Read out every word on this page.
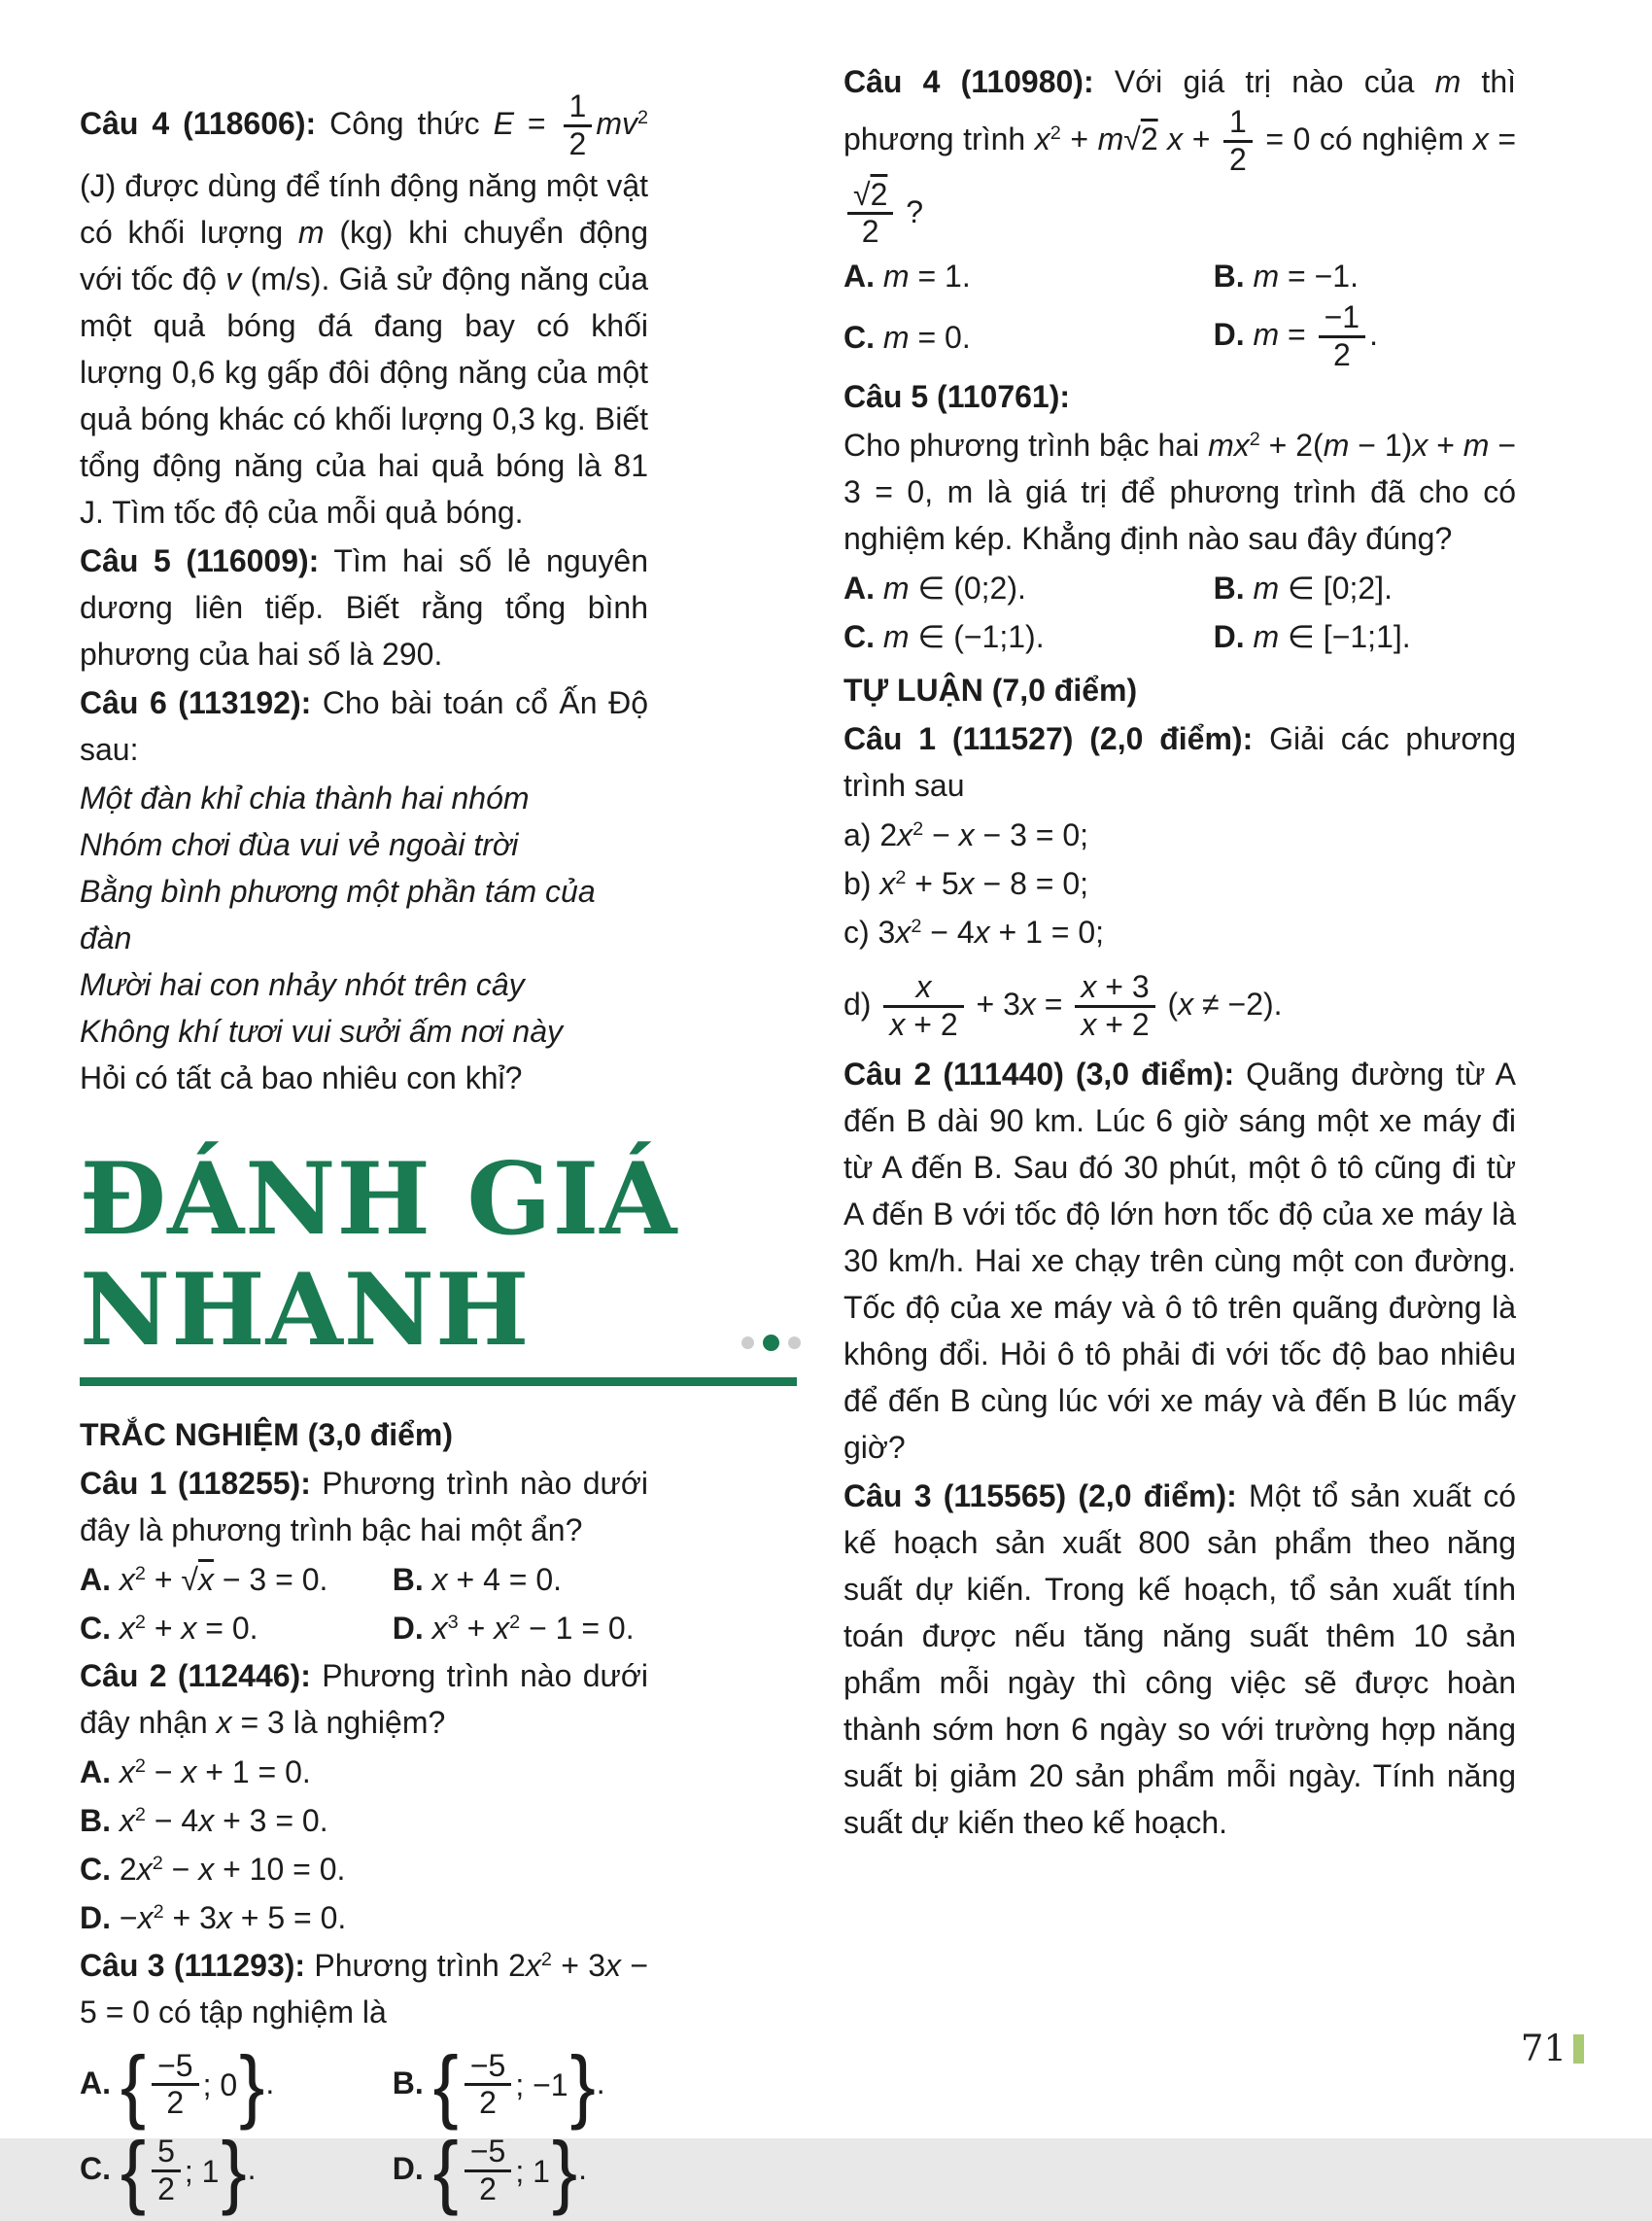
Câu 4 (118606): Công thức $E = \frac{1}{2} mv^2$ (J) được dùng để tính động năng một vật có khối lượng m (kg) khi chuyển động với tốc độ v (m/s). Giả sử động năng của một quả bóng đá đang bay có khối lượng 0,6 kg gấp đôi động năng của một quả bóng khác có khối lượng 0,3 kg. Biết tổng động năng của hai quả bóng là 81 J. Tìm tốc độ của mỗi quả bóng.
Câu 5 (116009): Tìm hai số lẻ nguyên dương liên tiếp. Biết rằng tổng bình phương của hai số là 290.
Câu 6 (113192): Cho bài toán cổ Ấn Độ sau:
Một đàn khỉ chia thành hai nhóm
Nhóm chơi đùa vui vẻ ngoài trời
Bằng bình phương một phần tám của đàn
Mười hai con nhảy nhót trên cây
Không khí tươi vui sưởi ấm nơi này
Hỏi có tất cả bao nhiêu con khỉ?
ĐÁNH GIÁ
NHANH
TRẮC NGHIỆM (3,0 điểm)
Câu 1 (118255): Phương trình nào dưới đây là phương trình bậc hai một ẩn?
A. $x^2 + √x - 3 = 0$.	B. x + 4 = 0.
C. $x^2 + x = 0$.	D. $x^3 + x^2 - 1 = 0$.
Câu 2 (112446): Phương trình nào dưới đây nhận x = 3 là nghiệm?
A. $x^2 - x + 1 = 0$.
B. $x^2 - 4x + 3 = 0$.
C. $2x^2 - x + 10 = 0$.
D. $-x^2 + 3x + 5 = 0$.
Câu 3 (111293): Phương trình $2x^2 + 3x - 5 = 0$ có tập nghiệm là
A. { $\frac{-5}{2}$ ; 0 } .	B. { $\frac{-5}{2}$ ; −1 } .
C. { $\frac{5}{2}$ ; 1 } .	D. { $\frac{-5}{2}$ ; 1 } .
Câu 4 (110980): Với giá trị nào của m thì phương trình $x^2 + m√2$ $x + \frac{1}{2} = 0$ có nghiệm x =
$\frac{√2}{2}$ ?
A. m = 1.	B. m = −1.
C. m = 0.	D. $m = \frac{-1}{2}$ .
Câu 5 (110761):
Cho phương trình bậc hai $mx^2 + 2(m - 1)x + m - 3 = 0$, m là giá trị để phương trình đã cho có nghiệm kép. Khẳng định nào sau đây đúng?
A. m ∈ (0;2).	B. m ∈ [0;2].
C. m ∈ (−1;1).	D. m ∈ [−1;1].
TỰ LUẬN (7,0 điểm)
Câu 1 (111527) (2,0 điểm): Giải các phương trình sau
a) $2x^2 - x - 3 = 0$;
b) $x^2 + 5x - 8 = 0$;
c) $3x^2 - 4x + 1 = 0$;
$d) \frac{x}{x + 2} + 3x = \frac{x + 3}{x + 2} (x \ne -2)$.
Câu 2 (111440) (3,0 điểm): Quãng đường từ A đến B dài 90 km. Lúc 6 giờ sáng một xe máy đi từ A đến B. Sau đó 30 phút, một ô tô cũng đi từ A đến B với tốc độ lớn hơn tốc độ của xe máy là 30 km/h. Hai xe chạy trên cùng một con đường. Tốc độ của xe máy và ô tô trên quãng đường là không đổi. Hỏi ô tô phải đi với tốc độ bao nhiêu để đến B cùng lúc với xe máy và đến B lúc mấy giờ?
Câu 3 (115565) (2,0 điểm): Một tổ sản xuất có kế hoạch sản xuất 800 sản phẩm theo năng suất dự kiến. Trong kế hoạch, tổ sản xuất tính toán được nếu tăng năng suất thêm 10 sản phẩm mỗi ngày thì công việc sẽ được hoàn thành sớm hơn 6 ngày so với trường hợp năng suất bị giảm 20 sản phẩm mỗi ngày. Tính năng suất dự kiến theo kế hoạch.
71
